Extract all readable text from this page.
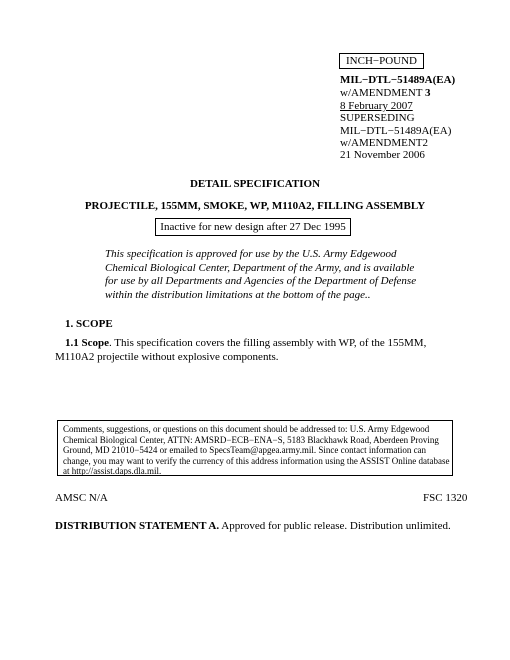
INCH−POUND
MIL−DTL−51489A(EA)
w/AMENDMENT 3
8 February 2007
SUPERSEDING
MIL−DTL−51489A(EA)
w/AMENDMENT2
21 November 2006
DETAIL SPECIFICATION
PROJECTILE, 155MM, SMOKE, WP, M110A2, FILLING ASSEMBLY
Inactive for new design after 27 Dec 1995
This specification is approved for use by the U.S. Army Edgewood
Chemical Biological Center, Department of the Army, and is available
for use by all Departments and Agencies of the Department of Defense
within the distribution limitations at the bottom of the page..
1. SCOPE
1.1 Scope. This specification covers the filling assembly with WP, of the 155MM, M110A2 projectile without explosive components.
Comments, suggestions, or questions on this document should be addressed to: U.S. Army Edgewood
Chemical Biological Center, ATTN: AMSRD−ECB−ENA−S, 5183 Blackhawk Road, Aberdeen Proving
Ground, MD 21010−5424 or emailed to SpecsTeam@apgea.army.mil. Since contact information can
change, you may want to verify the currency of this address information using the ASSIST Online database
at http://assist.daps.dla.mil.
AMSC N/A	FSC 1320
DISTRIBUTION STATEMENT A. Approved for public release. Distribution unlimited.
